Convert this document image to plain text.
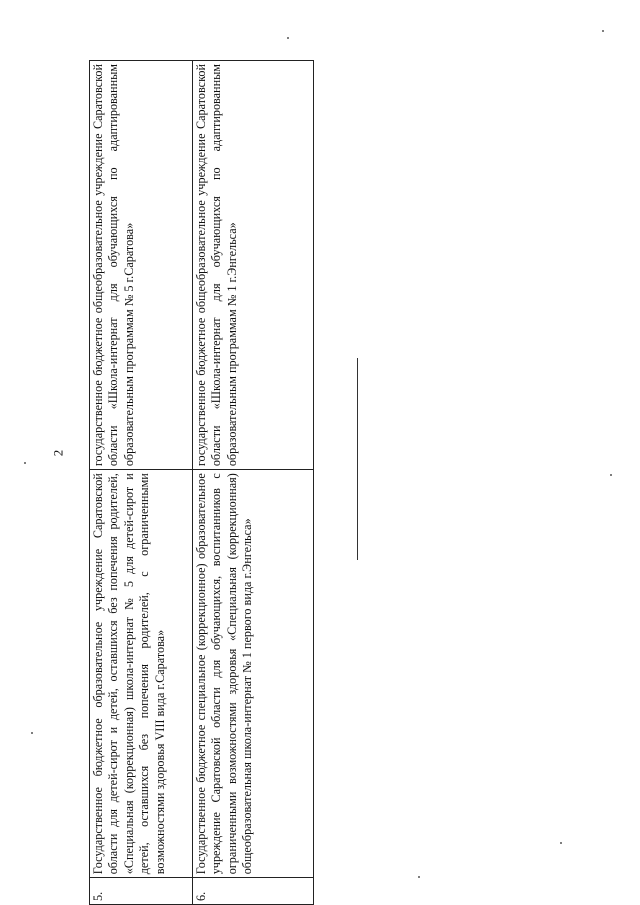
2
5.	Государственное бюджетное образовательное учреждение Саратовской области для детей-сирот и детей, оставшихся без попечения родителей, «Специальная (коррекционная) школа-интернат № 5 для детей-сирот и детей, оставшихся без попечения родителей, с ограниченными возможностями здоровья VIII вида г.Саратова»	государственное бюджетное общеобразовательное учреждение Саратовской области «Школа-интернат для обучающихся по адаптированным образовательным программам № 5 г.Саратова»
6.	Государственное бюджетное специальное (коррекционное) образовательное учреждение Саратовской области для обучающихся, воспитанников с ограниченными возможностями здоровья «Специальная (коррекционная) общеобразовательная школа-интернат № 1 первого вида г.Энгельса»	государственное бюджетное общеобразовательное учреждение Саратовской области «Школа-интернат для обучающихся по адаптированным образовательным программам № 1 г.Энгельса»
